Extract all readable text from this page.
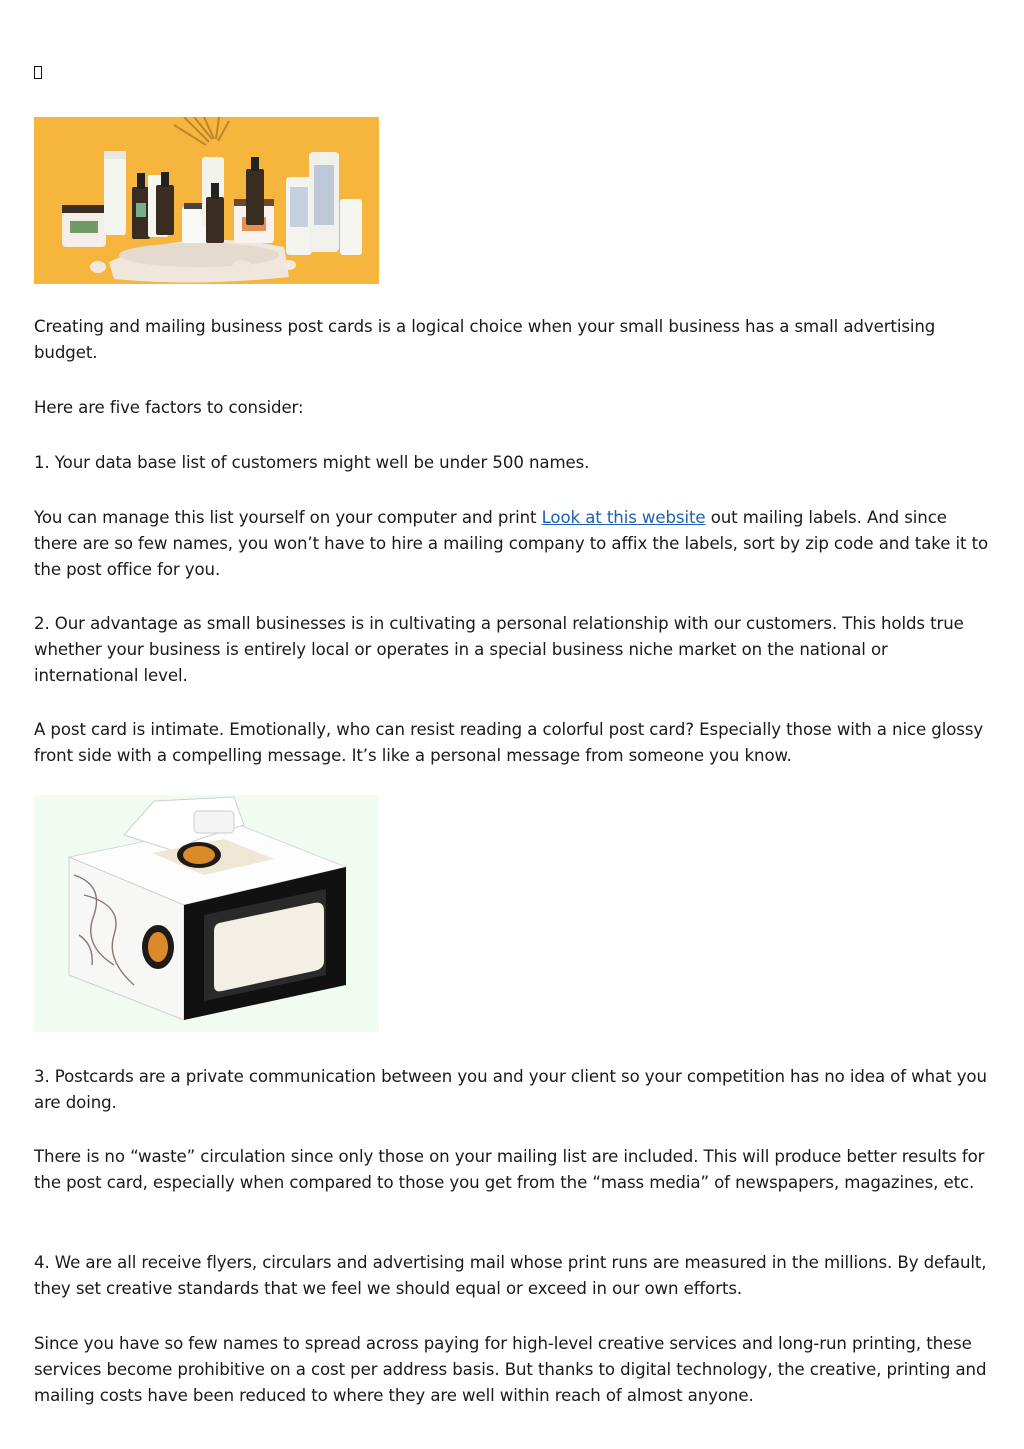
Creating and mailing business post cards is a logical choice when your small business has a small advertising budget.

Here are five factors to consider:

1. Your data base list of customers might well be under 500 names.

You can manage this list yourself on your computer and print Look at this website out mailing labels. And since there are so few names, you won’t have to hire a mailing company to affix the labels, sort by zip code and take it to the post office for you.

2. Our advantage as small businesses is in cultivating a personal relationship with our customers. This holds true whether your business is entirely local or operates in a special business niche market on the national or international level.

A post card is intimate. Emotionally, who can resist reading a colorful post card? Especially those with a nice glossy front side with a compelling message. It’s like a personal message from someone you know.

3. Postcards are a private communication between you and your client so your competition has no idea of what you are doing.

There is no “waste” circulation since only those on your mailing list are included. This will produce better results for the post card, especially when compared to those you get from the “mass media” of newspapers, magazines, etc.

4. We are all receive flyers, circulars and advertising mail whose print runs are measured in the millions. By default, they set creative standards that we feel we should equal or exceed in our own efforts.

Since you have so few names to spread across paying for high-level creative services and long-run printing, these services become prohibitive on a cost per address basis. But thanks to digital technology, the creative, printing and mailing costs have been reduced to where they are well within reach of almost anyone.
